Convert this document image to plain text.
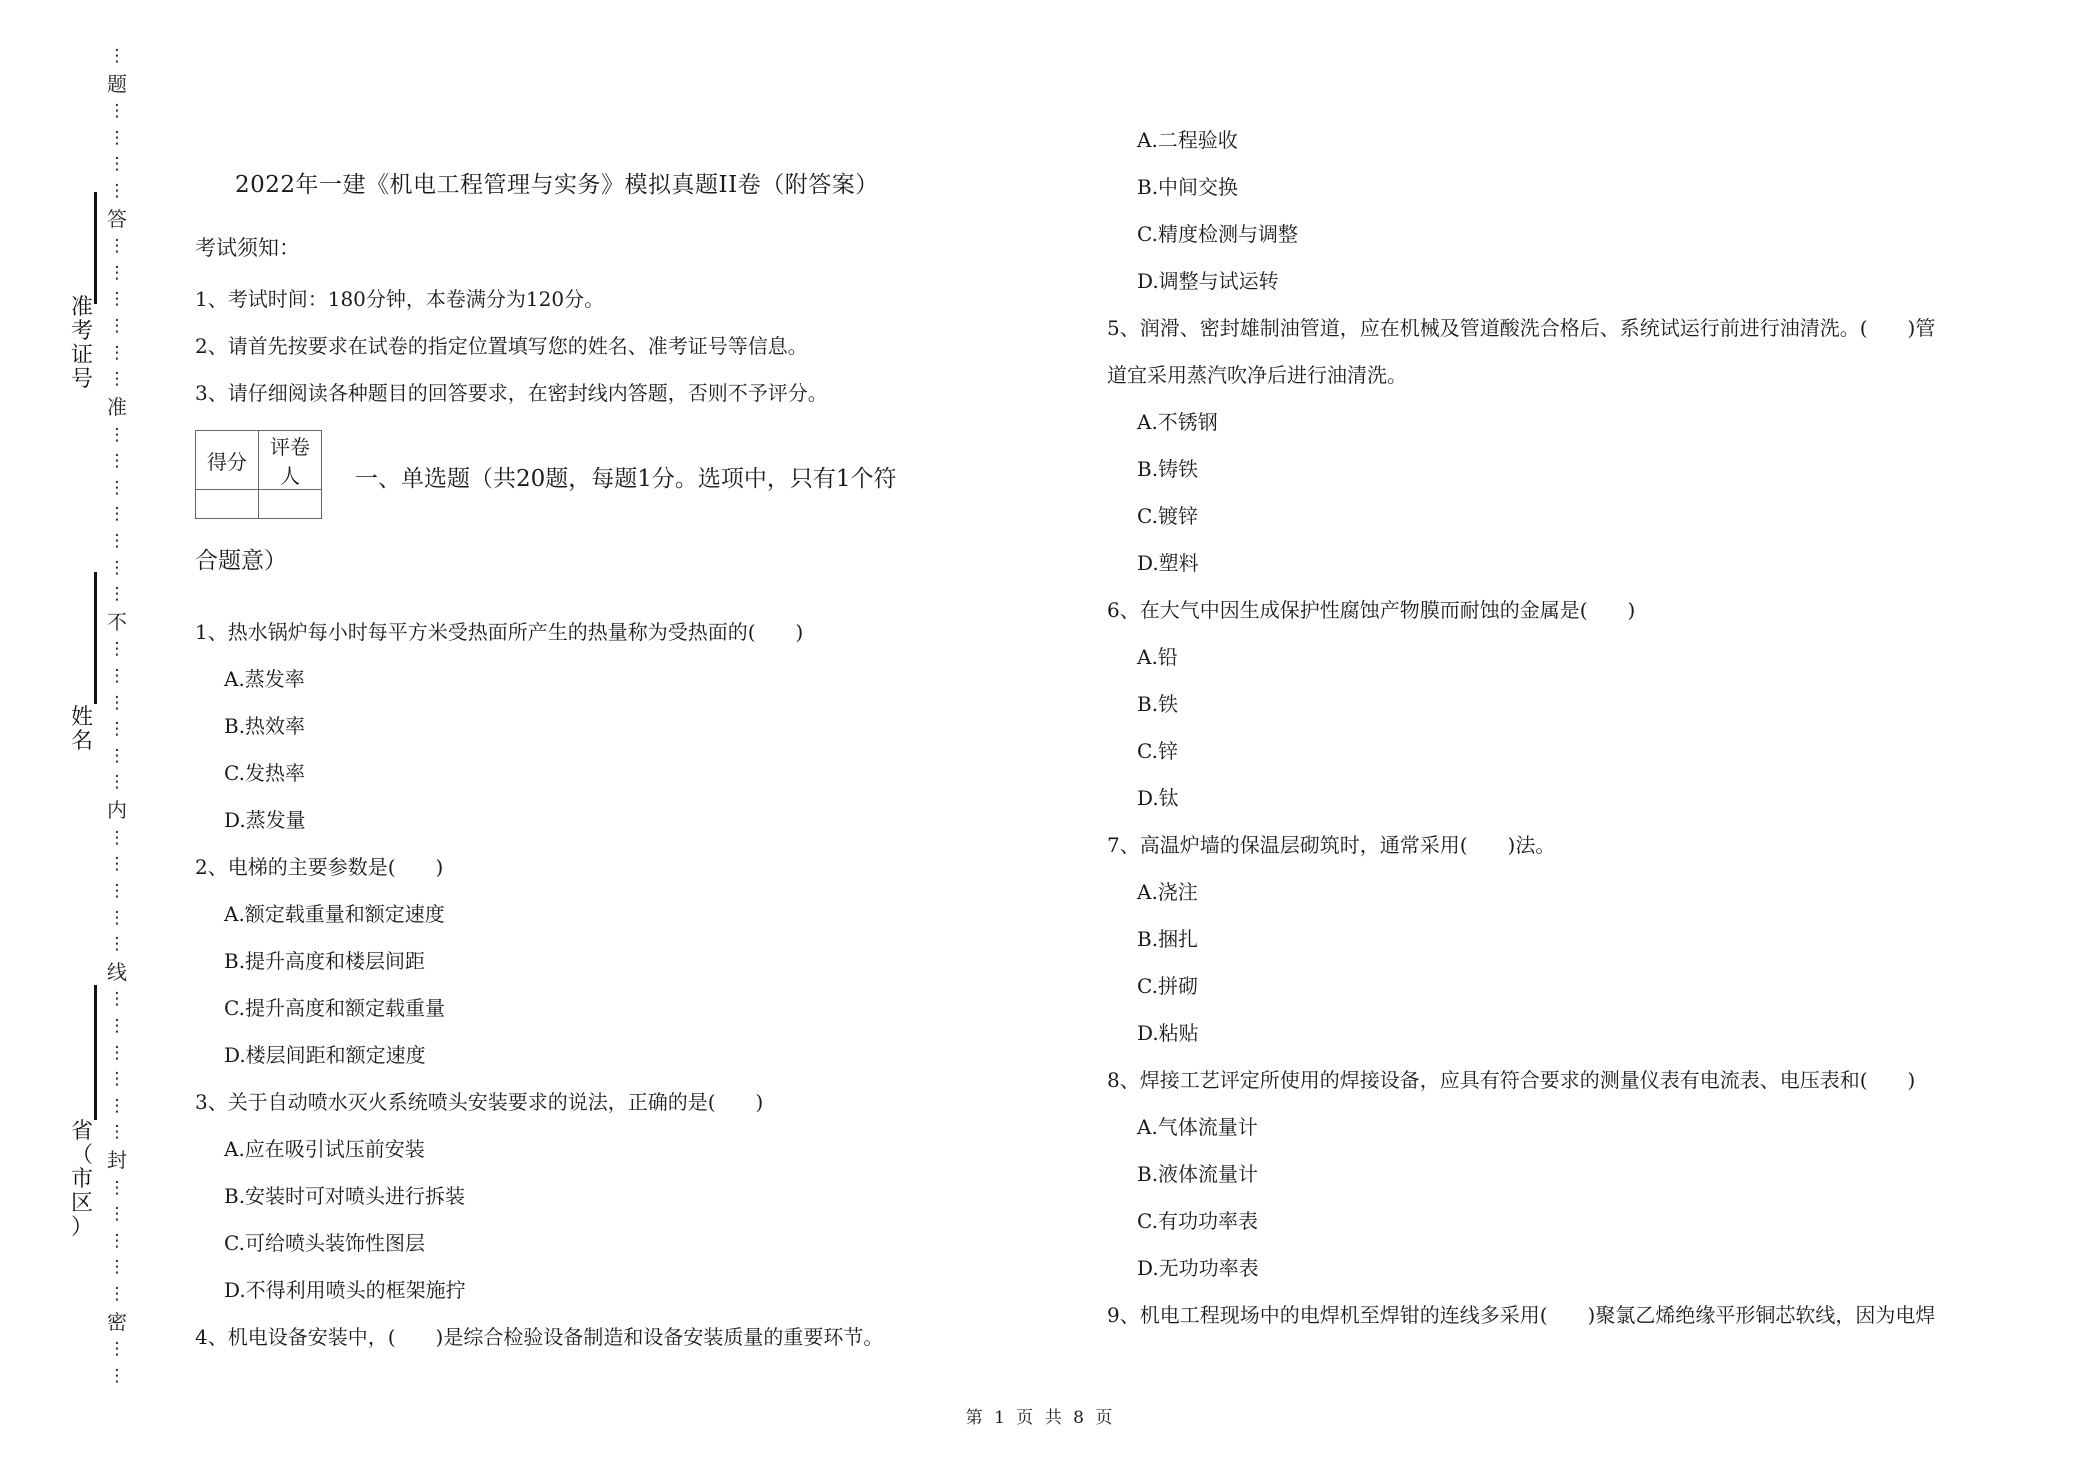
⋮
题
⋮
⋮
⋮
⋮
答
⋮
⋮
⋮
⋮
⋮
⋮
准
⋮
⋮
⋮
⋮
⋮
⋮
⋮
不
⋮
⋮
⋮
⋮
⋮
⋮
内
⋮
⋮
⋮
⋮
⋮
线
⋮
⋮
⋮
⋮
⋮
⋮
封
⋮
⋮
⋮
⋮
⋮
密
⋮
⋮
准
考
证
号
姓
名
省
（
市
区
）
2022年一建《机电工程管理与实务》模拟真题II卷（附答案）
考试须知：
1、考试时间：180分钟，本卷满分为120分。
2、请首先按要求在试卷的指定位置填写您的姓名、准考证号等信息。
3、请仔细阅读各种题目的回答要求，在密封线内答题，否则不予评分。
得分	评卷人
	一、单选题（共20题，每题1分。选项中，只有1个符
合题意）
1、热水锅炉每小时每平方米受热面所产生的热量称为受热面的(　　)
A.蒸发率
B.热效率
C.发热率
D.蒸发量
2、电梯的主要参数是(　　)
A.额定载重量和额定速度
B.提升高度和楼层间距
C.提升高度和额定载重量
D.楼层间距和额定速度
3、关于自动喷水灭火系统喷头安装要求的说法，正确的是(　　)
A.应在吸引试压前安装
B.安装时可对喷头进行拆装
C.可给喷头装饰性图层
D.不得利用喷头的框架施拧
4、机电设备安装中，(　　)是综合检验设备制造和设备安装质量的重要环节。
A.二程验收
B.中间交换
C.精度检测与调整
D.调整与试运转
5、润滑、密封雄制油管道，应在机械及管道酸洗合格后、系统试运行前进行油清洗。(　　)管
道宜采用蒸汽吹净后进行油清洗。
A.不锈钢
B.铸铁
C.镀锌
D.塑料
6、在大气中因生成保护性腐蚀产物膜而耐蚀的金属是(　　)
A.铅
B.铁
C.锌
D.钛
7、高温炉墙的保温层砌筑时，通常采用(　　)法。
A.浇注
B.捆扎
C.拼砌
D.粘贴
8、焊接工艺评定所使用的焊接设备，应具有符合要求的测量仪表有电流表、电压表和(　　)
A.气体流量计
B.液体流量计
C.有功功率表
D.无功功率表
9、机电工程现场中的电焊机至焊钳的连线多采用(　　)聚氯乙烯绝缘平形铜芯软线，因为电焊
第 1 页 共 8 页
